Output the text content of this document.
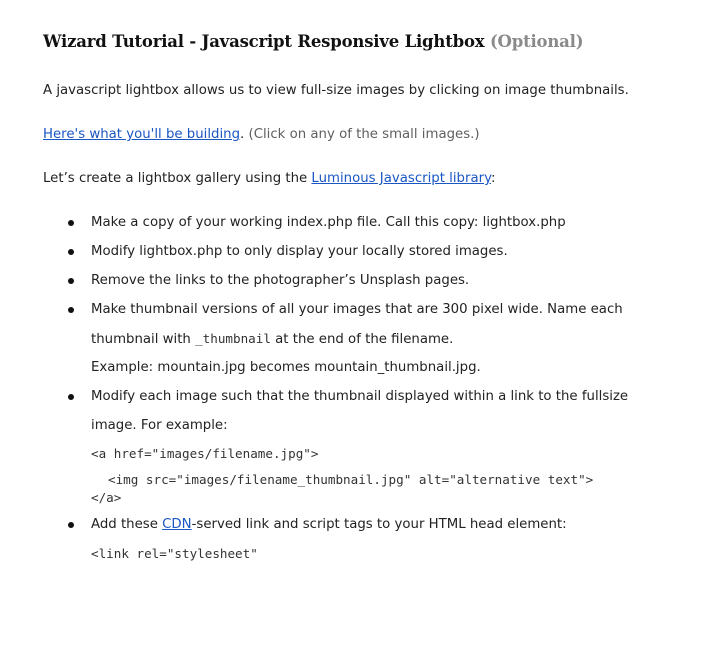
Wizard Tutorial - Javascript Responsive Lightbox (Optional)

A javascript lightbox allows us to view full-size images by clicking on image thumbnails.

Here's what you'll be building. (Click on any of the small images.)

Let’s create a lightbox gallery using the Luminous Javascript library:

Make a copy of your working index.php file. Call this copy: lightbox.php
Modify lightbox.php to only display your locally stored images.
Remove the links to the photographer’s Unsplash pages.
Make thumbnail versions of all your images that are 300 pixel wide. Name each
thumbnail with _thumbnail at the end of the filename.
Example: mountain.jpg becomes mountain_thumbnail.jpg.
Modify each image such that the thumbnail displayed within a link to the fullsize
image. For example:
<a href="images/filename.jpg">
<img src="images/filename_thumbnail.jpg" alt="alternative text">
</a>
Add these CDN-served link and script tags to your HTML head element:
<link rel="stylesheet"
